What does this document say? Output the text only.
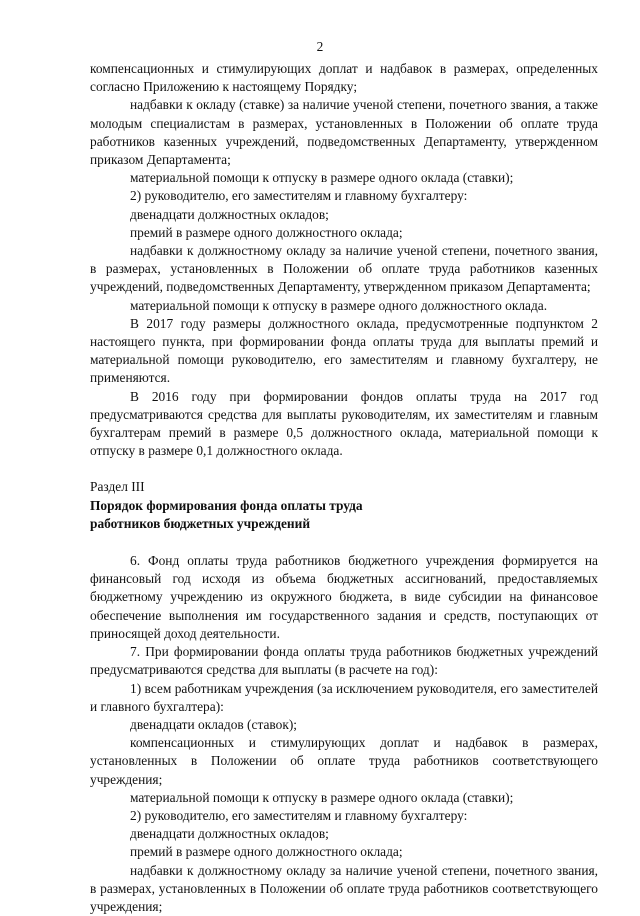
2

компенсационных и стимулирующих доплат и надбавок в размерах, определенных согласно Приложению к настоящему Порядку;

надбавки к окладу (ставке) за наличие ученой степени, почетного звания, а также молодым специалистам в размерах, установленных в Положении об оплате труда работников казенных учреждений, подведомственных Департаменту, утвержденном приказом Департамента;

материальной помощи к отпуску в размере одного оклада (ставки);

2) руководителю, его заместителям и главному бухгалтеру:

двенадцати должностных окладов;

премий в размере одного должностного оклада;

надбавки к должностному окладу за наличие ученой степени, почетного звания, в размерах, установленных в Положении об оплате труда работников казенных учреждений, подведомственных Департаменту, утвержденном приказом Департамента;

материальной помощи к отпуску в размере одного должностного оклада.

В 2017 году размеры должностного оклада, предусмотренные подпунктом 2 настоящего пункта, при формировании фонда оплаты труда для выплаты премий и материальной помощи руководителю, его заместителям и главному бухгалтеру, не применяются.

В 2016 году при формировании фондов оплаты труда на 2017 год предусматриваются средства для выплаты руководителям, их заместителям и главным бухгалтерам премий в размере 0,5 должностного оклада, материальной помощи к отпуску в размере 0,1 должностного оклада.

Раздел III

Порядок формирования фонда оплаты труда

работников бюджетных учреждений

6. Фонд оплаты труда работников бюджетного учреждения формируется на финансовый год исходя из объема бюджетных ассигнований, предоставляемых бюджетному учреждению из окружного бюджета, в виде субсидии на финансовое обеспечение выполнения им государственного задания и средств, поступающих от приносящей доход деятельности.

7. При формировании фонда оплаты труда работников бюджетных учреждений предусматриваются средства для выплаты (в расчете на год):

1) всем работникам учреждения (за исключением руководителя, его заместителей и главного бухгалтера):

двенадцати окладов (ставок);

компенсационных и стимулирующих доплат и надбавок в размерах, установленных в Положении об оплате труда работников соответствующего учреждения;

материальной помощи к отпуску в размере одного оклада (ставки);

2) руководителю, его заместителям и главному бухгалтеру:

двенадцати должностных окладов;

премий в размере одного должностного оклада;

надбавки к должностному окладу за наличие ученой степени, почетного звания, в размерах, установленных в Положении об оплате труда работников соответствующего учреждения;
